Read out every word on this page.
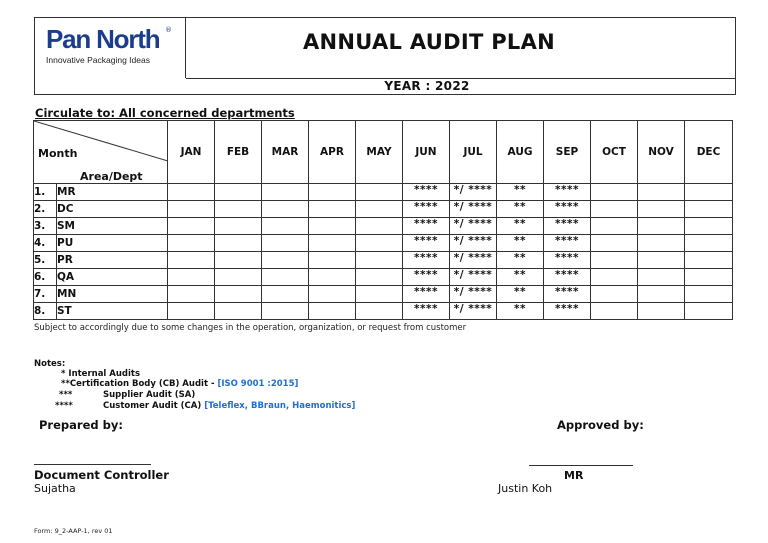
Pan North ®
Innovative Packaging Ideas
ANNUAL AUDIT PLAN
YEAR : 2022
Circulate to: All concerned departments
Month
Area/Dept		JAN	FEB	MAR	APR	MAY	JUN	JUL	AUG	SEP	OCT	NOV	DEC
1.	MR						****	*/ ****	**	****			
2.	DC						****	*/ ****	**	****			
3.	SM						****	*/ ****	**	****			
4.	PU						****	*/ ****	**	****			
5.	PR						****	*/ ****	**	****			
6.	QA						****	*/ ****	**	****			
7.	MN						****	*/ ****	**	****			
8.	ST						****	*/ ****	**	****			
Subject to accordingly due to some changes in the operation, organization, or request from customer
Notes:
* Internal Audits
**Certification Body (CB) Audit - [ISO 9001 :2015]
***	Supplier Audit (SA)
****	Customer Audit (CA) [Teleflex, BBraun, Haemonitics]
Prepared by:	Approved by:
Document Controller	MR
Sujatha	Justin Koh
Form: 9_2-AAP-1, rev 01
